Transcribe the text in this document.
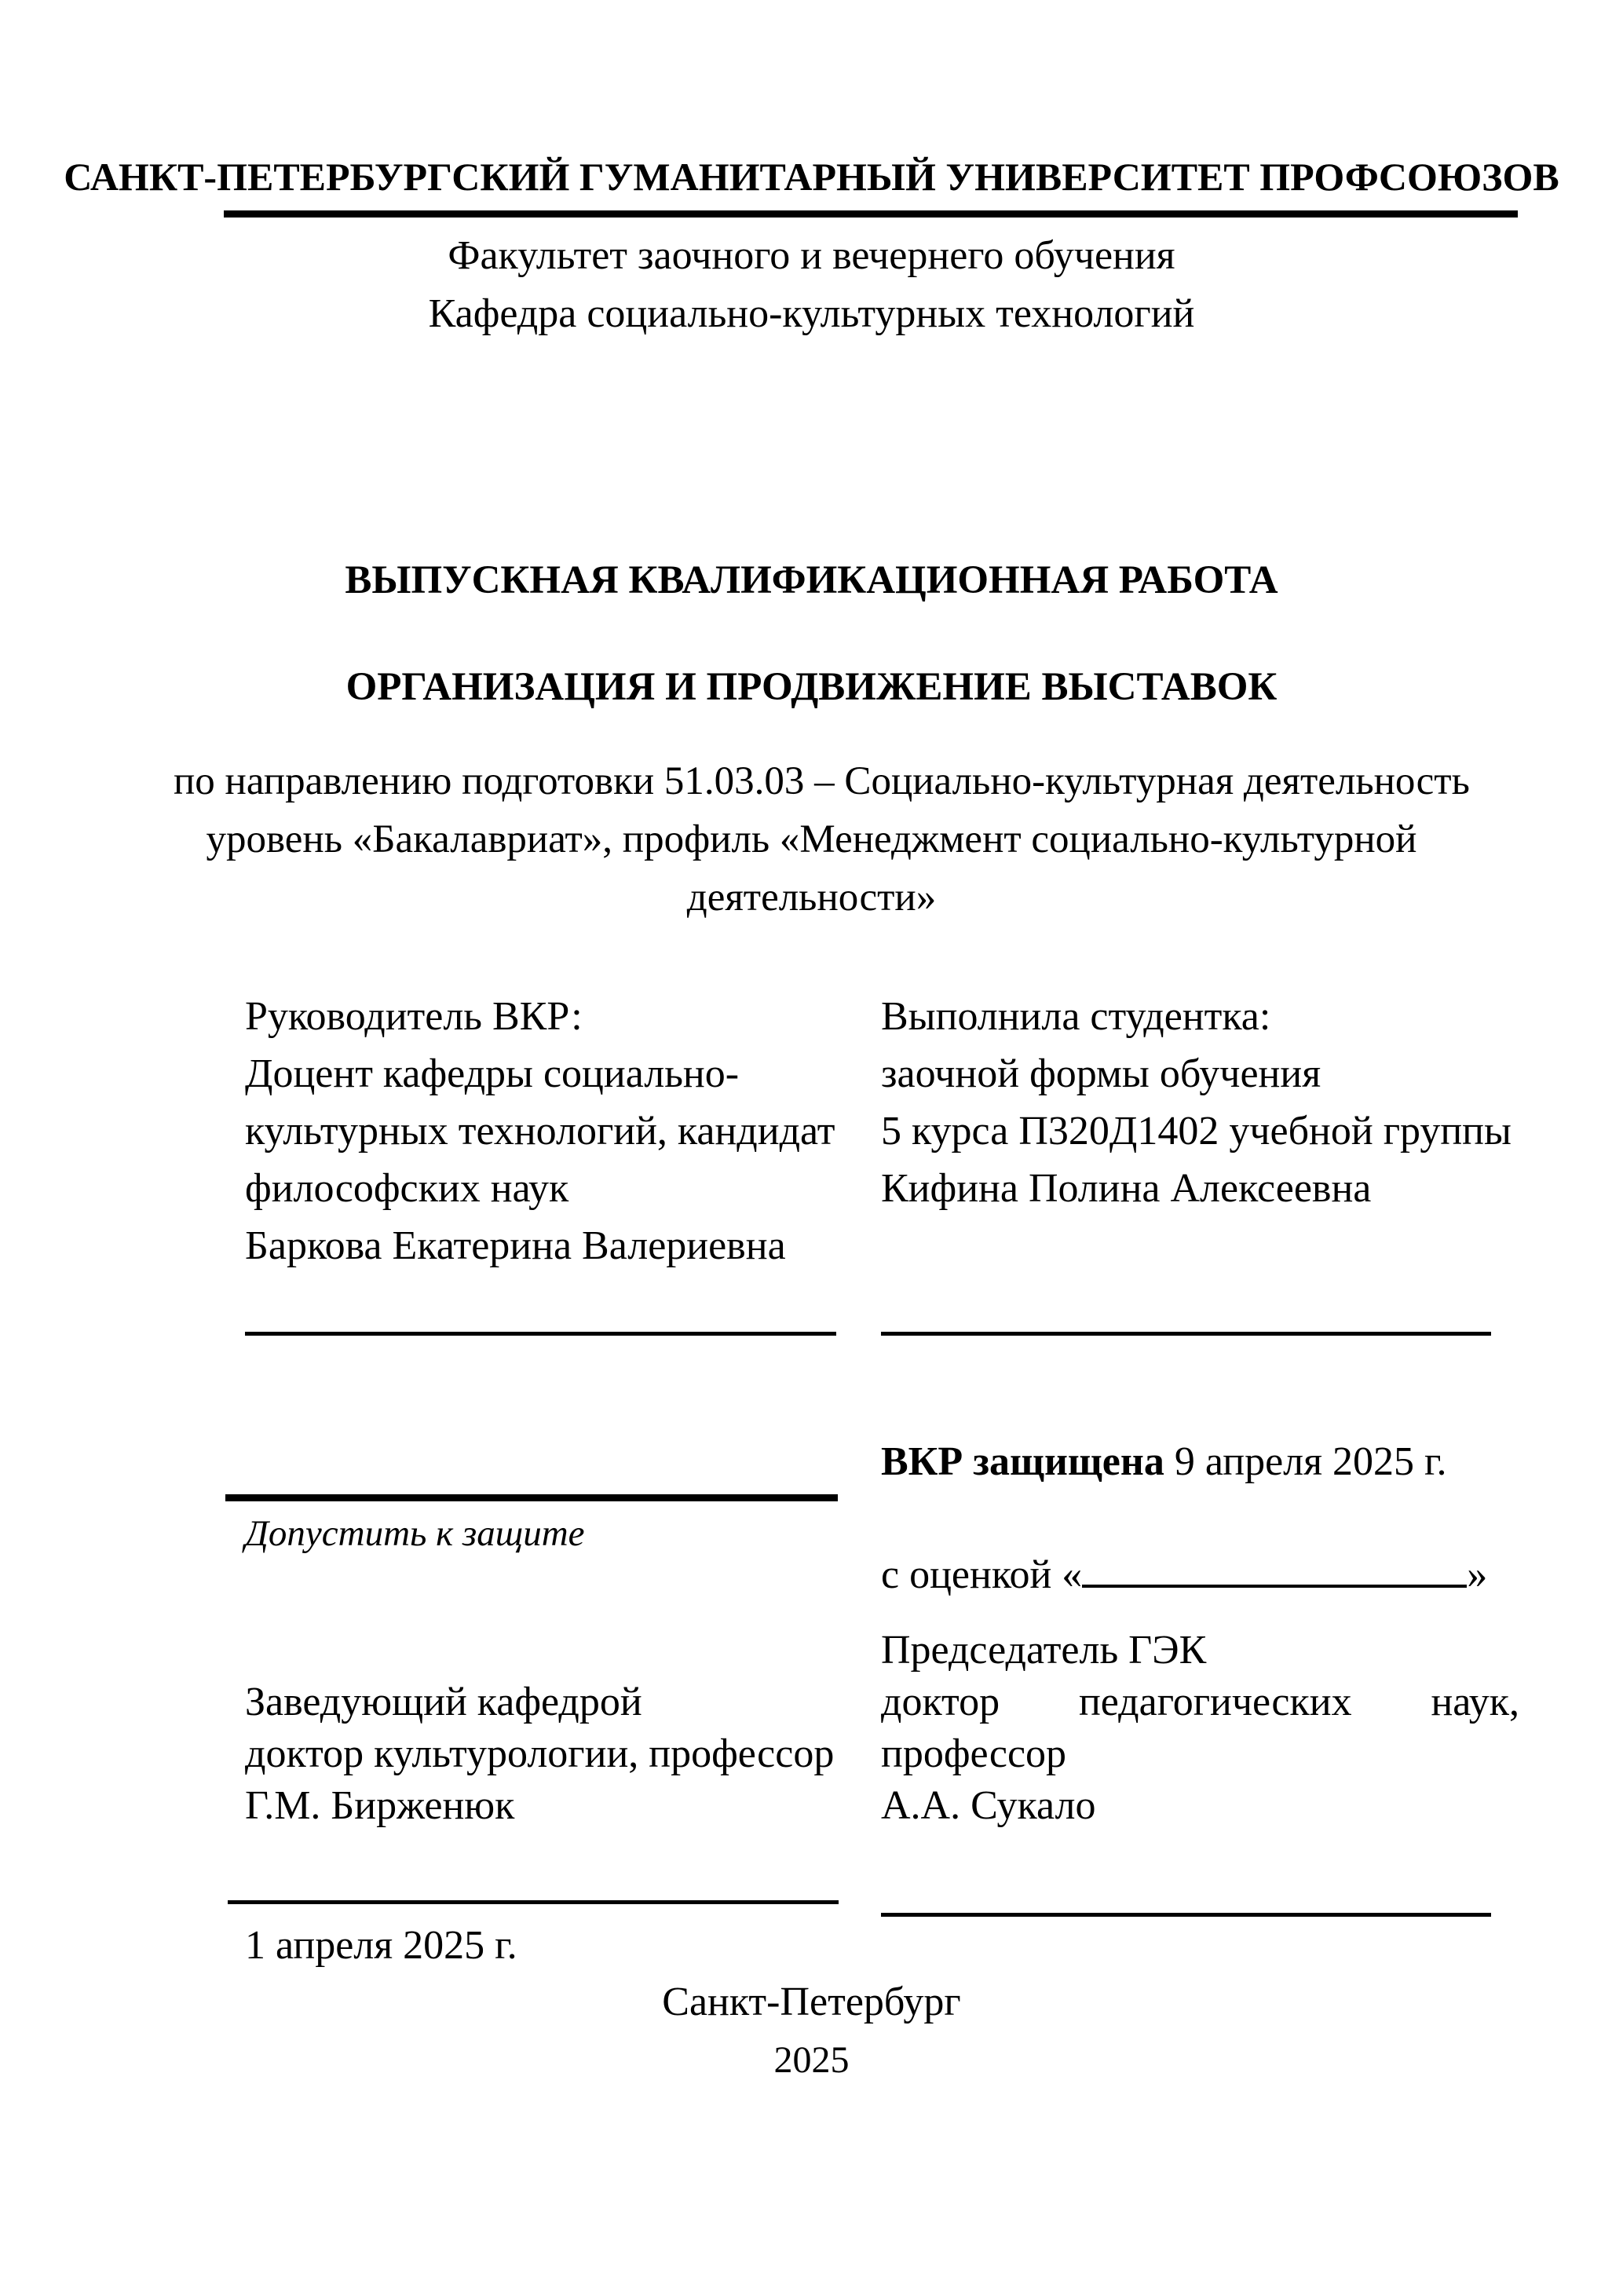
САНКТ-ПЕТЕРБУРГСКИЙ ГУМАНИТАРНЫЙ УНИВЕРСИТЕТ ПРОФСОЮЗОВ
Факультет заочного и вечернего обучения
Кафедра социально-культурных технологий
ВЫПУСКНАЯ КВАЛИФИКАЦИОННАЯ РАБОТА
ОРГАНИЗАЦИЯ И ПРОДВИЖЕНИЕ ВЫСТАВОК
по направлению подготовки 51.03.03 – Социально-культурная деятельность
уровень «Бакалавриат», профиль «Менеджмент социально-культурной
деятельности»
Руководитель ВКР:
Доцент кафедры социально-
культурных технологий, кандидат
философских наук
Баркова Екатерина Валериевна
Выполнила студентка:
заочной формы обучения
5 курса П320Д1402 учебной группы
Кифина Полина Алексеевна
ВКР защищена 9 апреля 2025 г.
Допустить к защите
с оценкой «	»
Председатель ГЭК
Заведующий кафедрой	доктор педагогических наук,
доктор культурологии, профессор профессор
Г.М. Бирженюк	А.А. Сукало
1 апреля 2025 г.
Санкт-Петербург
2025
